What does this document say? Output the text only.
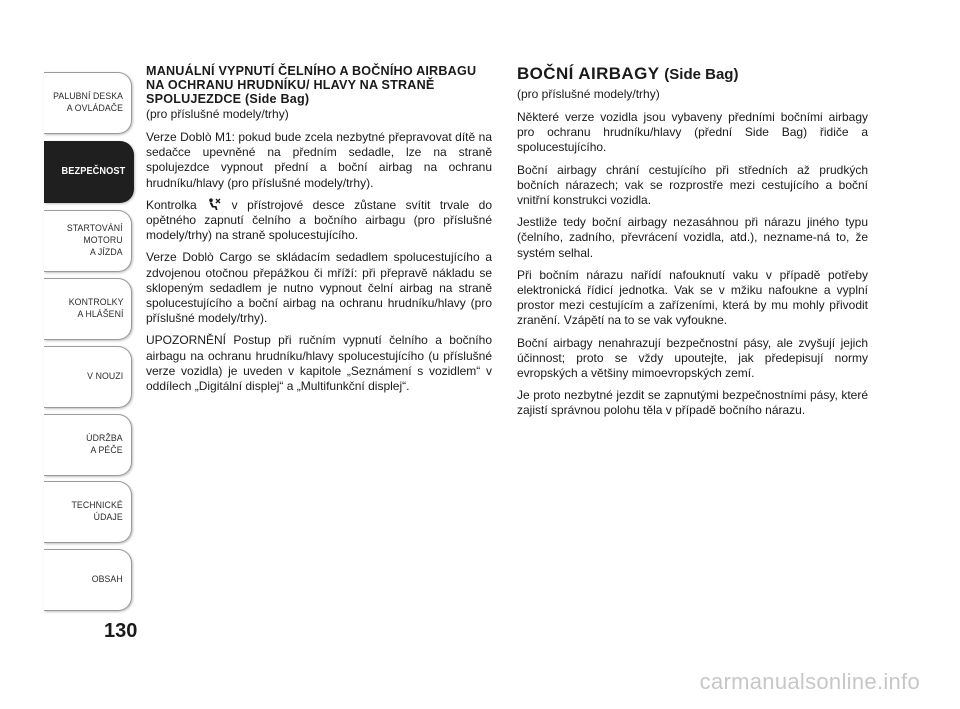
PALUBNÍ DESKA
A OVLÁDAČE
BEZPEČNOST
STARTOVÁNÍ
MOTORU
A JÍZDA
KONTROLKY
A HLÁŠENÍ
V NOUZI
ÚDRŽBA
A PÉČE
TECHNICKÉ
ÚDAJE
OBSAH
130
MANUÁLNÍ VYPNUTÍ ČELNÍHO A BOČNÍHO AIRBAGU NA OCHRANU HRUDNÍKU/ HLAVY NA STRANĚ SPOLUJEZDCE (Side Bag)

(pro příslušné modely/trhy)

Verze Doblò M1: pokud bude zcela nezbytné přepravovat dítě na sedačce upevněné na předním sedadle, lze na straně spolujezdce vypnout přední a boční airbag na ochranu hrudníku/hlavy (pro příslušné modely/trhy).

Kontrolka	v přístrojové desce zůstane svítit trvale do opětného zapnutí čelního a bočního airbagu (pro příslušné modely/trhy) na straně spolucestujícího.

Verze Doblò Cargo se skládacím sedadlem spolucestujícího a zdvojenou otočnou přepážkou či mříží: při přepravě nákladu se sklopeným sedadlem je nutno vypnout čelní airbag na straně spolucestujícího a boční airbag na ochranu hrudníku/hlavy (pro příslušné modely/trhy).

UPOZORNĚNÍ Postup při ručním vypnutí čelního a bočního airbagu na ochranu hrudníku/hlavy spolucestujícího (u příslušné verze vozidla) je uveden v kapitole „Seznámení s vozidlem“ v oddílech „Digitální displej“ a „Multifunkční displej“.

BOČNÍ AIRBAGY (Side Bag)

(pro příslušné modely/trhy)

Některé verze vozidla jsou vybaveny předními bočními airbagy pro ochranu hrudníku/hlavy (přední Side Bag) řidiče a spolucestujícího.

Boční airbagy chrání cestujícího při středních až prudkých bočních nárazech; vak se rozprostře mezi cestujícího a boční vnitřní konstrukci vozidla.

Jestliže tedy boční airbagy nezasáhnou při nárazu jiného typu (čelního, zadního, převrácení vozidla, atd.), nezname-ná to, že systém selhal.

Při bočním nárazu nařídí nafouknutí vaku v případě potřeby elektronická řídicí jednotka. Vak se v mžiku nafoukne a vyplní prostor mezi cestujícím a zařízeními, která by mu mohly přivodit zranění. Vzápětí na to se vak vyfoukne.

Boční airbagy nenahrazují bezpečnostní pásy, ale zvyšují jejich účinnost; proto se vždy upoutejte, jak předepisují normy evropských a většiny mimoevropských zemí.

Je proto nezbytné jezdit se zapnutými bezpečnostními pásy, které zajistí správnou polohu těla v případě bočního nárazu.

carmanualsonline.info
